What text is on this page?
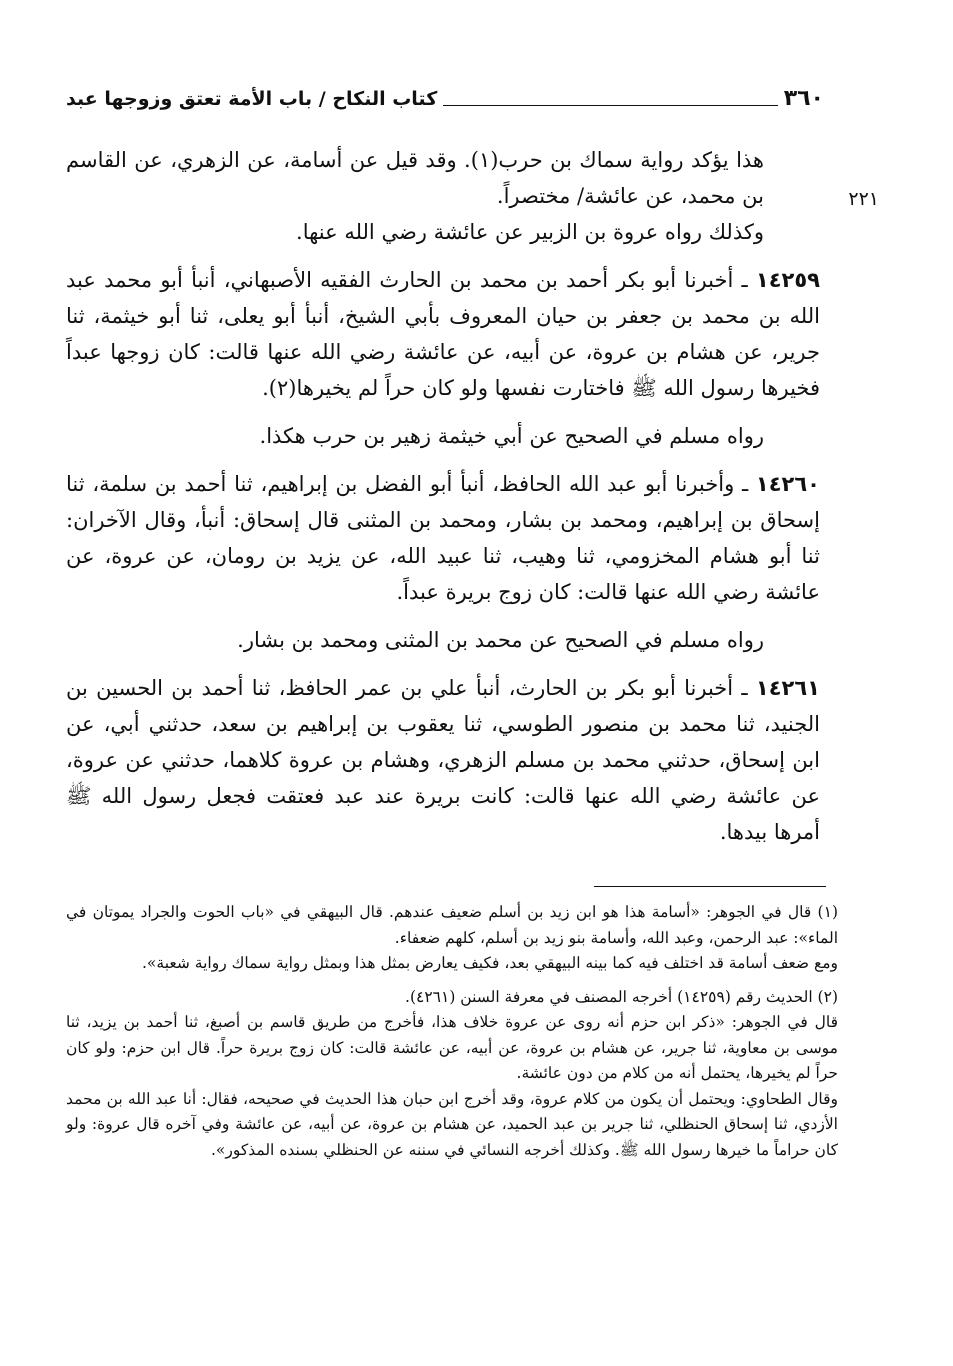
٣٦٠
كتاب النكاح / باب الأمة تعتق وزوجها عبد
٢٢١

هذا يؤكد رواية سماك بن حرب(١). وقد قيل عن أسامة، عن الزهري، عن القاسم بن محمد، عن عائشة/ مختصراً.

وكذلك رواه عروة بن الزبير عن عائشة رضي الله عنها.

١٤٢٥٩ ـ أخبرنا أبو بكر أحمد بن محمد بن الحارث الفقيه الأصبهاني، أنبأ أبو محمد عبد الله بن محمد بن جعفر بن حيان المعروف بأبي الشيخ، أنبأ أبو يعلى، ثنا أبو خيثمة، ثنا جرير، عن هشام بن عروة، عن أبيه، عن عائشة رضي الله عنها قالت: كان زوجها عبداً فخيرها رسول الله ﷺ فاختارت نفسها ولو كان حراً لم يخيرها(٢).

رواه مسلم في الصحيح عن أبي خيثمة زهير بن حرب هكذا.

١٤٢٦٠ ـ وأخبرنا أبو عبد الله الحافظ، أنبأ أبو الفضل بن إبراهيم، ثنا أحمد بن سلمة، ثنا إسحاق بن إبراهيم، ومحمد بن بشار، ومحمد بن المثنى قال إسحاق: أنبأ، وقال الآخران: ثنا أبو هشام المخزومي، ثنا وهيب، ثنا عبيد الله، عن يزيد بن رومان، عن عروة، عن عائشة رضي الله عنها قالت: كان زوج بريرة عبداً.

رواه مسلم في الصحيح عن محمد بن المثنى ومحمد بن بشار.

١٤٢٦١ ـ أخبرنا أبو بكر بن الحارث، أنبأ علي بن عمر الحافظ، ثنا أحمد بن الحسين بن الجنيد، ثنا محمد بن منصور الطوسي، ثنا يعقوب بن إبراهيم بن سعد، حدثني أبي، عن ابن إسحاق، حدثني محمد بن مسلم الزهري، وهشام بن عروة كلاهما، حدثني عن عروة، عن عائشة رضي الله عنها قالت: كانت بريرة عند عبد فعتقت فجعل رسول الله ﷺ أمرها بيدها.

(١) قال في الجوهر: «أسامة هذا هو ابن زيد بن أسلم ضعيف عندهم. قال البيهقي في «باب الحوت والجراد يموتان في الماء»: عبد الرحمن، وعبد الله، وأسامة بنو زيد بن أسلم، كلهم ضعفاء.

ومع ضعف أسامة قد اختلف فيه كما بينه البيهقي بعد، فكيف يعارض بمثل هذا وبمثل رواية سماك رواية شعبة».

(٢) الحديث رقم (١٤٢٥٩) أخرجه المصنف في معرفة السنن (٤٢٦١).

قال في الجوهر: «ذكر ابن حزم أنه روى عن عروة خلاف هذا، فأخرج من طريق قاسم بن أصبغ، ثنا أحمد بن يزيد، ثنا موسى بن معاوية، ثنا جرير، عن هشام بن عروة، عن أبيه، عن عائشة قالت: كان زوج بريرة حراً. قال ابن حزم: ولو كان حراً لم يخيرها، يحتمل أنه من كلام من دون عائشة.

وقال الطحاوي: ويحتمل أن يكون من كلام عروة، وقد أخرج ابن حبان هذا الحديث في صحيحه، فقال: أنا عبد الله بن محمد الأزدي، ثنا إسحاق الحنظلي، ثنا جرير بن عبد الحميد، عن هشام بن عروة، عن أبيه، عن عائشة وفي آخره قال عروة: ولو كان حراماً ما خيرها رسول الله ﷺ. وكذلك أخرجه النسائي في سننه عن الحنظلي بسنده المذكور».
